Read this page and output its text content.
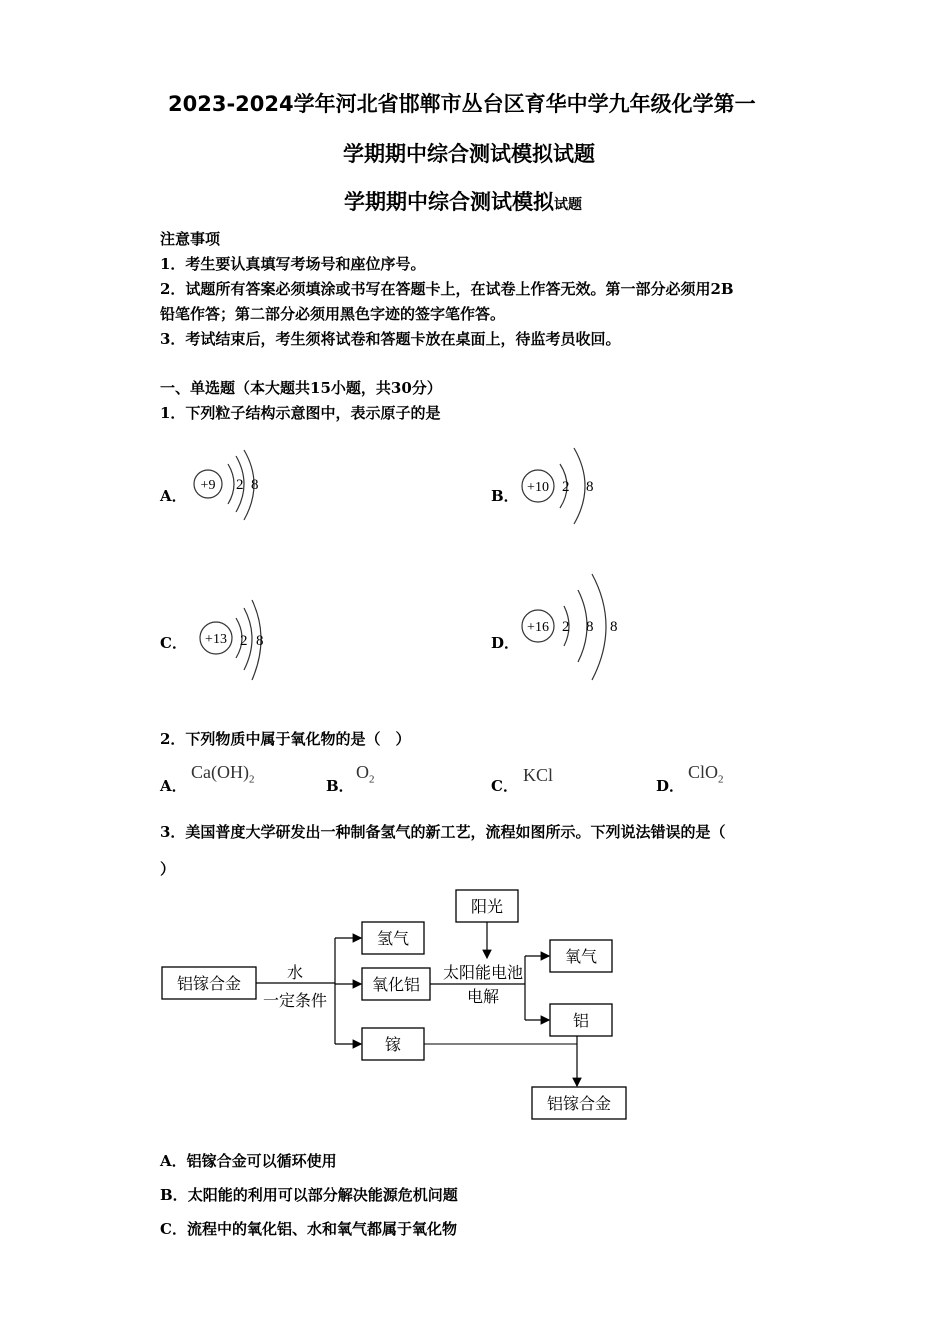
2023-2024学年河北省邯郸市丛台区育华中学九年级化学第一
学期期中综合测试模拟试题
学期期中综合测试模拟试题
注意事项
1．考生要认真填写考场号和座位序号。
2．试题所有答案必须填涂或书写在答题卡上，在试卷上作答无效。第一部分必须用2B
铅笔作答；第二部分必须用黑色字迹的签字笔作答。
3．考试结束后，考生须将试卷和答题卡放在桌面上，待监考员收回。
一、单选题（本大题共15小题，共30分）
1．下列粒子结构示意图中，表示原子的是
A．
+9 2 8
B． +10 2 8
C． +13 2 8	D．
+16 2 8 8
2．下列物质中属于氧化物的是（　）
A．
$Ca(OH)_2$	B．
$O_2$	C．
KCl
D．
ClO$_2$
3．美国普度大学研发出一种制备氢气的新工艺，流程如图所示。下列说法错误的是（
）
铝镓合金
氢气
氧化铝
镓
阳光
氧气
铝
铝镓合金
水
一定条件
太阳能电池
电解
A．铝镓合金可以循环使用
B．太阳能的利用可以部分解决能源危机问题
C．流程中的氧化铝、水和氧气都属于氧化物
